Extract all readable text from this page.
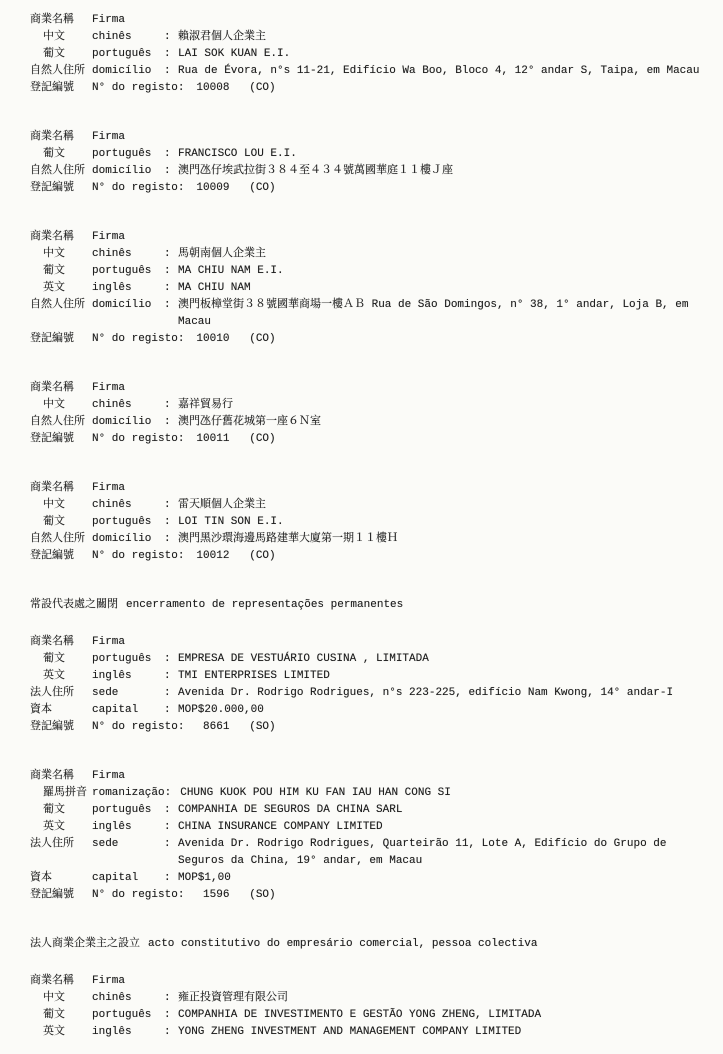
商業名稱	Firma
中文	chinês	: 賴淑君個人企業主
葡文	português	: LAI SOK KUAN E.I.
自然人住所 domicílio	: Rua de Évora, n°s 11-21, Edifício Wa Boo, Bloco 4, 12° andar S, Taipa, em Macau
登記編號	N° do registo: 10008   (CO)
商業名稱	Firma
葡文	português	: FRANCISCO LOU E.I.
自然人住所 domicílio	: 澳門氹仔埃武拉街３８４至４３４號萬國華庭１１樓Ｊ座
登記編號	N° do registo: 10009   (CO)
商業名稱	Firma
中文	chinês	: 馬朝南個人企業主
葡文	português	: MA CHIU NAM E.I.
英文	inglês	: MA CHIU NAM
自然人住所 domicílio	: 澳門板樟堂街３８號國華商場一樓ＡＢ Rua de São Domingos, n° 38, 1° andar, Loja B, em Macau
登記編號	N° do registo: 10010   (CO)
商業名稱	Firma
中文	chinês	: 嘉祥貿易行
自然人住所 domicílio	: 澳門氹仔舊花城第一座６Ｎ室
登記編號	N° do registo: 10011   (CO)
商業名稱	Firma
中文	chinês	: 雷天順個人企業主
葡文	português	: LOI TIN SON E.I.
自然人住所 domicílio	: 澳門黑沙環海邊馬路建華大廈第一期１１樓Ｈ
登記編號	N° do registo: 10012   (CO)
常設代表處之關閉 encerramento de representações permanentes
商業名稱	Firma
葡文	português	: EMPRESA DE VESTUÁRIO CUSINA , LIMITADA
英文	inglês	: TMI ENTERPRISES LIMITED
法人住所	sede	: Avenida Dr. Rodrigo Rodrigues, n°s 223-225, edifício Nam Kwong, 14° andar-I
資本	capital	: MOP$20.000,00
登記編號	N° do registo: 8661   (SO)
商業名稱	Firma
羅馬拼音 romanização: CHUNG KUOK POU HIM KU FAN IAU HAN CONG SI
葡文	português	: COMPANHIA DE SEGUROS DA CHINA SARL
英文	inglês	: CHINA INSURANCE COMPANY LIMITED
法人住所	sede	: Avenida Dr. Rodrigo Rodrigues, Quarteirão 11, Lote A, Edifício do Grupo de Seguros da China, 19° andar, em Macau
資本	capital	: MOP$1,00
登記編號	N° do registo: 1596   (SO)
法人商業企業主之設立 acto constitutivo do empresário comercial, pessoa colectiva
商業名稱	Firma
中文	chinês	: 雍正投資管理有限公司
葡文	português	: COMPANHIA DE INVESTIMENTO E GESTÃO YONG ZHENG, LIMITADA
英文	inglês	: YONG ZHENG INVESTMENT AND MANAGEMENT COMPANY LIMITED
